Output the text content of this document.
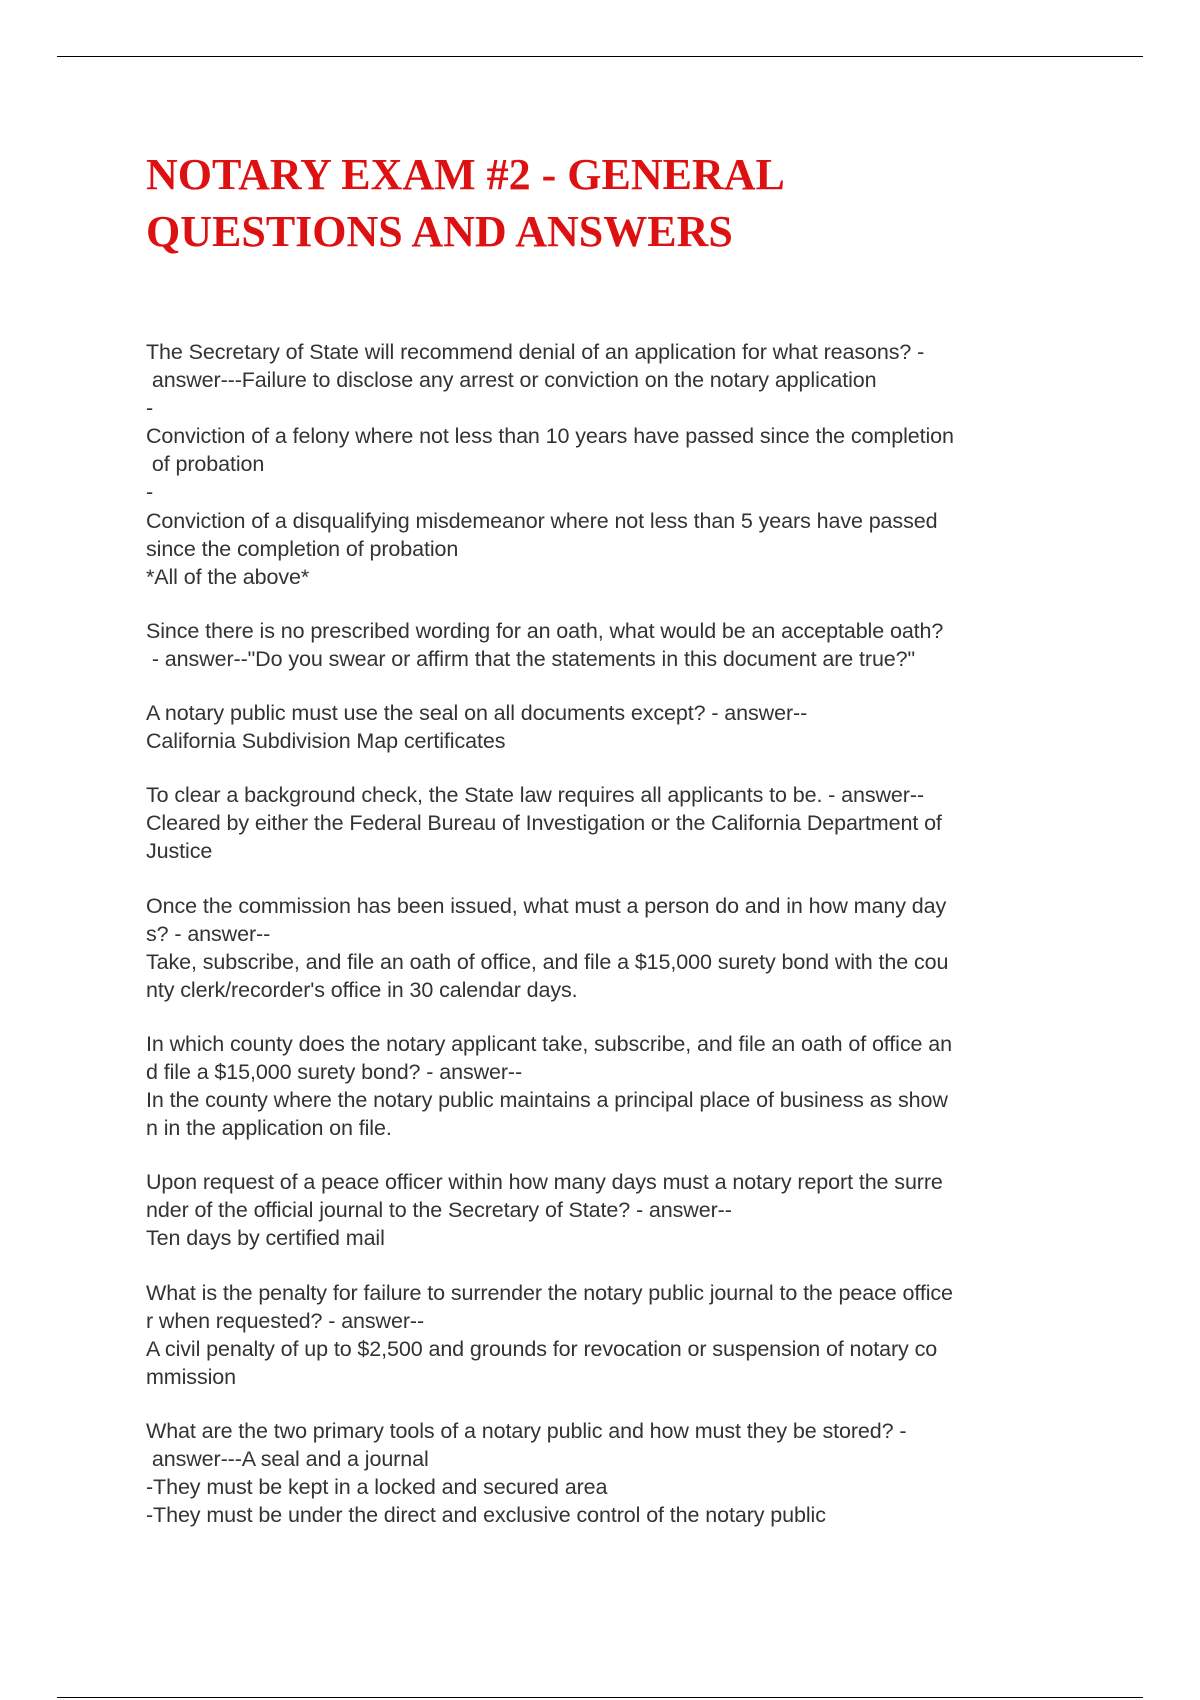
NOTARY EXAM #2 - GENERAL
QUESTIONS AND ANSWERS

The Secretary of State will recommend denial of an application for what reasons? -

answer---Failure to disclose any arrest or conviction on the notary application

-

Conviction of a felony where not less than 10 years have passed since the completion

of probation

-

Conviction of a disqualifying misdemeanor where not less than 5 years have passed

since the completion of probation

*All of the above*

Since there is no prescribed wording for an oath, what would be an acceptable oath?

- answer--"Do you swear or affirm that the statements in this document are true?"

A notary public must use the seal on all documents except? - answer--

California Subdivision Map certificates

To clear a background check, the State law requires all applicants to be. - answer--

Cleared by either the Federal Bureau of Investigation or the California Department of

Justice

Once the commission has been issued, what must a person do and in how many day

s? - answer--

Take, subscribe, and file an oath of office, and file a $15,000 surety bond with the cou

nty clerk/recorder's office in 30 calendar days.

In which county does the notary applicant take, subscribe, and file an oath of office an

d file a $15,000 surety bond? - answer--

In the county where the notary public maintains a principal place of business as show

n in the application on file.

Upon request of a peace officer within how many days must a notary report the surre

nder of the official journal to the Secretary of State? - answer--

Ten days by certified mail

What is the penalty for failure to surrender the notary public journal to the peace office

r when requested? - answer--

A civil penalty of up to $2,500 and grounds for revocation or suspension of notary co

mmission

What are the two primary tools of a notary public and how must they be stored? -

answer---A seal and a journal

-They must be kept in a locked and secured area

-They must be under the direct and exclusive control of the notary public
